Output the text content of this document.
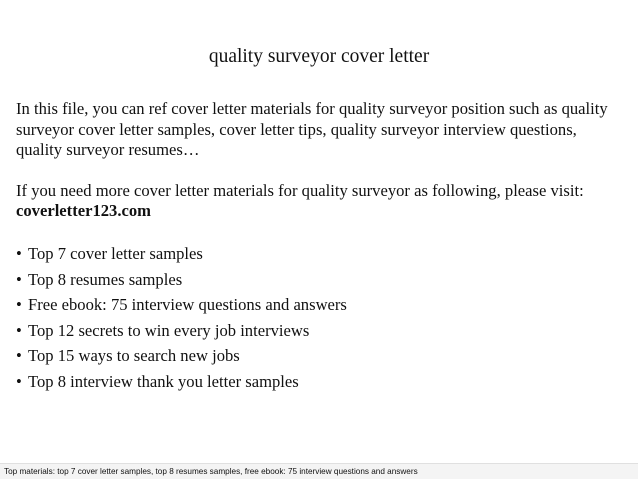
quality surveyor cover letter

In this file, you can ref cover letter materials for quality surveyor position such as quality surveyor cover letter samples, cover letter tips, quality surveyor interview questions, quality surveyor resumes…

If you need more cover letter materials for quality surveyor as following, please visit: coverletter123.com

• Top 7 cover letter samples
• Top 8 resumes samples
• Free ebook: 75 interview questions and answers
• Top 12 secrets to win every job interviews
• Top 15 ways to search new jobs
• Top 8 interview thank you letter samples
Top materials: top 7 cover letter samples, top 8 resumes samples, free ebook: 75 interview questions and answers
